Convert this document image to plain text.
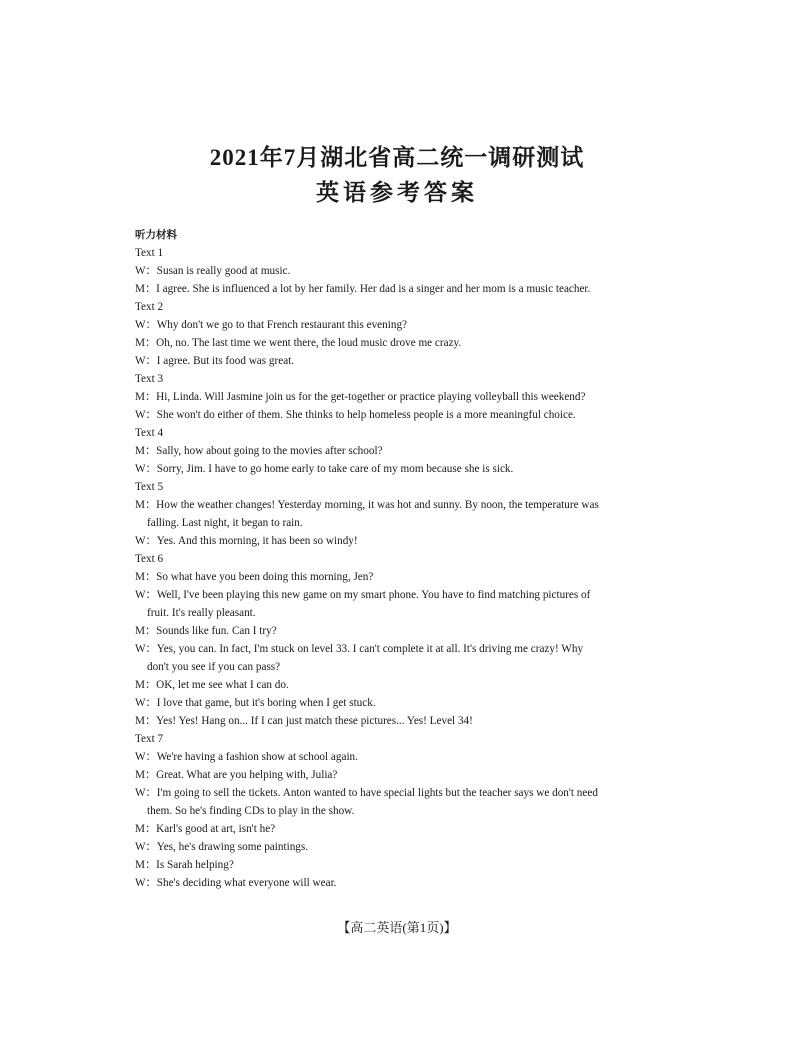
2021年7月湖北省高二统一调研测试
英语参考答案
听力材料
Text 1
W：Susan is really good at music.
M：I agree. She is influenced a lot by her family. Her dad is a singer and her mom is a music teacher.
Text 2
W：Why don't we go to that French restaurant this evening?
M：Oh, no. The last time we went there, the loud music drove me crazy.
W：I agree. But its food was great.
Text 3
M：Hi, Linda. Will Jasmine join us for the get-together or practice playing volleyball this weekend?
W：She won't do either of them. She thinks to help homeless people is a more meaningful choice.
Text 4
M：Sally, how about going to the movies after school?
W：Sorry, Jim. I have to go home early to take care of my mom because she is sick.
Text 5
M：How the weather changes! Yesterday morning, it was hot and sunny. By noon, the temperature was
falling. Last night, it began to rain.
W：Yes. And this morning, it has been so windy!
Text 6
M：So what have you been doing this morning, Jen?
W：Well, I've been playing this new game on my smart phone. You have to find matching pictures of
fruit. It's really pleasant.
M：Sounds like fun. Can I try?
W：Yes, you can. In fact, I'm stuck on level 33. I can't complete it at all. It's driving me crazy! Why
don't you see if you can pass?
M：OK, let me see what I can do.
W：I love that game, but it's boring when I get stuck.
M：Yes! Yes! Hang on... If I can just match these pictures... Yes! Level 34!
Text 7
W：We're having a fashion show at school again.
M：Great. What are you helping with, Julia?
W：I'm going to sell the tickets. Anton wanted to have special lights but the teacher says we don't need
them. So he's finding CDs to play in the show.
M：Karl's good at art, isn't he?
W：Yes, he's drawing some paintings.
M：Is Sarah helping?
W：She's deciding what everyone will wear.
【高二英语(第1页)】
